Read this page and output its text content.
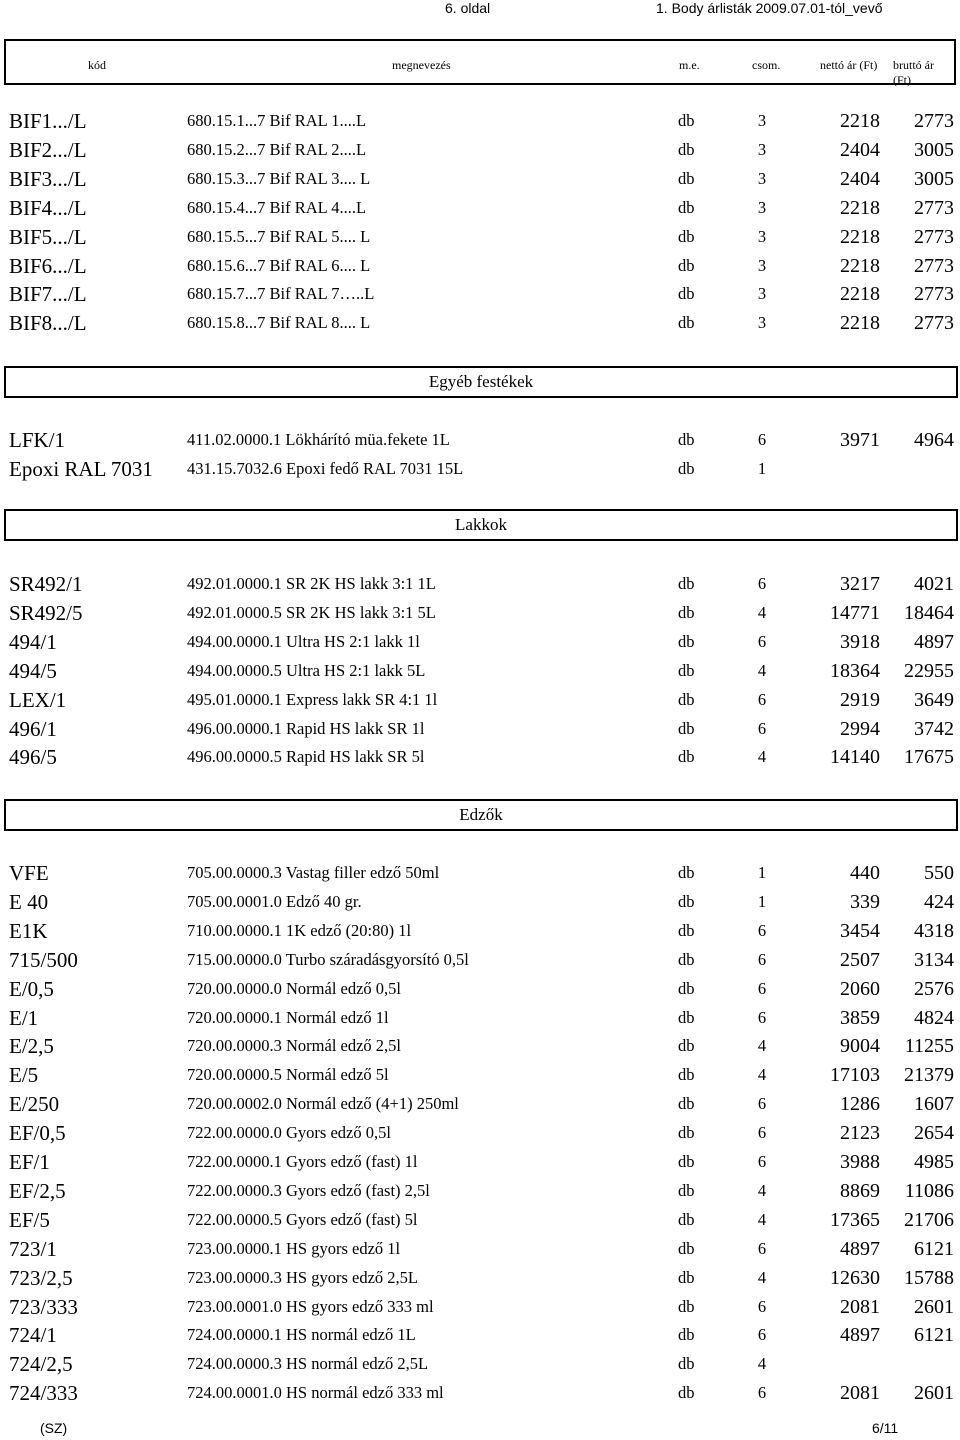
6. oldal	1. Body árlisták 2009.07.01-tól_vevő
kód	megnevezés	m.e.	csom.	nettó ár (Ft) bruttó ár (Ft)
BIF1.../L	680.15.1...7 Bif RAL 1....L	db	3	2218 2773
BIF2.../L	680.15.2...7 Bif RAL 2....L	db	3	2404 3005
BIF3.../L	680.15.3...7 Bif RAL 3.... L	db	3	2404 3005
BIF4.../L	680.15.4...7 Bif RAL 4....L	db	3	2218 2773
BIF5.../L	680.15.5...7 Bif RAL 5.... L	db	3	2218 2773
BIF6.../L	680.15.6...7 Bif RAL 6.... L	db	3	2218 2773
BIF7.../L	680.15.7...7 Bif RAL 7…..L	db	3	2218 2773
BIF8.../L	680.15.8...7 Bif RAL 8.... L	db	3	2218 2773
Egyéb festékek
LFK/1	411.02.0000.1 Lökhárító müa.fekete 1L	db	6	3971 4964
Epoxi RAL 7031 431.15.7032.6 Epoxi fedő RAL 7031 15L	db	1
Lakkok
SR492/1	492.01.0000.1 SR 2K HS lakk 3:1 1L	db	6	3217 4021
SR492/5	492.01.0000.5 SR 2K HS lakk 3:1 5L	db	4	14771 18464
494/1	494.00.0000.1 Ultra HS 2:1 lakk 1l	db	6	3918 4897
494/5	494.00.0000.5 Ultra HS 2:1 lakk 5L	db	4	18364 22955
LEX/1	495.01.0000.1 Express lakk SR 4:1 1l	db	6	2919 3649
496/1	496.00.0000.1 Rapid HS lakk SR 1l	db	6	2994 3742
496/5	496.00.0000.5 Rapid HS lakk SR 5l	db	4	14140 17675
Edzők
VFE	705.00.0000.3 Vastag filler edző 50ml	db	1	440 550
E 40	705.00.0001.0 Edző 40 gr.	db	1	339 424
E1K	710.00.0000.1 1K edző (20:80) 1l	db	6	3454 4318
715/500	715.00.0000.0 Turbo száradásgyorsító 0,5l	db	6	2507 3134
E/0,5	720.00.0000.0 Normál edző 0,5l	db	6	2060 2576
E/1	720.00.0000.1 Normál edző 1l	db	6	3859 4824
E/2,5	720.00.0000.3 Normál edző 2,5l	db	4	9004 11255
E/5	720.00.0000.5 Normál edző 5l	db	4	17103 21379
E/250	720.00.0002.0 Normál edző (4+1) 250ml	db	6	1286 1607
EF/0,5	722.00.0000.0 Gyors edző 0,5l	db	6	2123 2654
EF/1	722.00.0000.1 Gyors edző (fast) 1l	db	6	3988 4985
EF/2,5	722.00.0000.3 Gyors edző (fast) 2,5l	db	4	8869 11086
EF/5	722.00.0000.5 Gyors edző (fast) 5l	db	4	17365 21706
723/1	723.00.0000.1 HS gyors edző 1l	db	6	4897 6121
723/2,5	723.00.0000.3 HS gyors edző 2,5L	db	4	12630 15788
723/333	723.00.0001.0 HS gyors edző 333 ml	db	6	2081 2601
724/1	724.00.0000.1 HS normál edző 1L	db	6	4897 6121
724/2,5	724.00.0000.3 HS normál edző 2,5L	db	4
724/333	724.00.0001.0 HS normál edző 333 ml	db	6	2081 2601
(SZ)	6/11
